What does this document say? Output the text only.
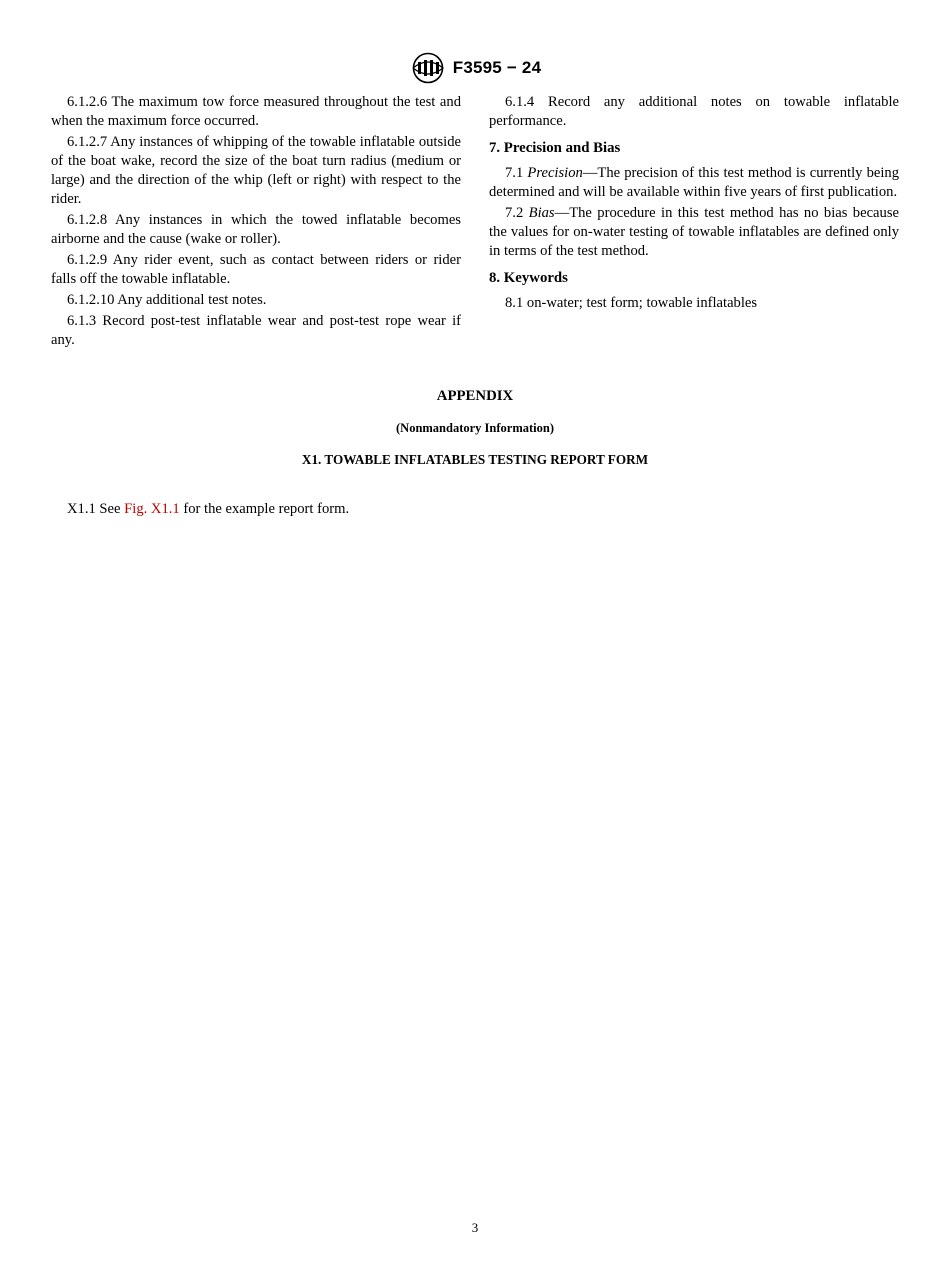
F3595 − 24

6.1.2.6 The maximum tow force measured throughout the test and when the maximum force occurred.

6.1.2.7 Any instances of whipping of the towable inflatable outside of the boat wake, record the size of the boat turn radius (medium or large) and the direction of the whip (left or right) with respect to the rider.

6.1.2.8 Any instances in which the towed inflatable becomes airborne and the cause (wake or roller).

6.1.2.9 Any rider event, such as contact between riders or rider falls off the towable inflatable.

6.1.2.10 Any additional test notes.

6.1.3 Record post-test inflatable wear and post-test rope wear if any.

6.1.4 Record any additional notes on towable inflatable performance.

7. Precision and Bias

7.1 Precision—The precision of this test method is currently being determined and will be available within five years of first publication.

7.2 Bias—The procedure in this test method has no bias because the values for on-water testing of towable inflatables are defined only in terms of the test method.

8. Keywords

8.1 on-water; test form; towable inflatables

APPENDIX
(Nonmandatory Information)
X1. TOWABLE INFLATABLES TESTING REPORT FORM
X1.1 See Fig. X1.1 for the example report form.
3
